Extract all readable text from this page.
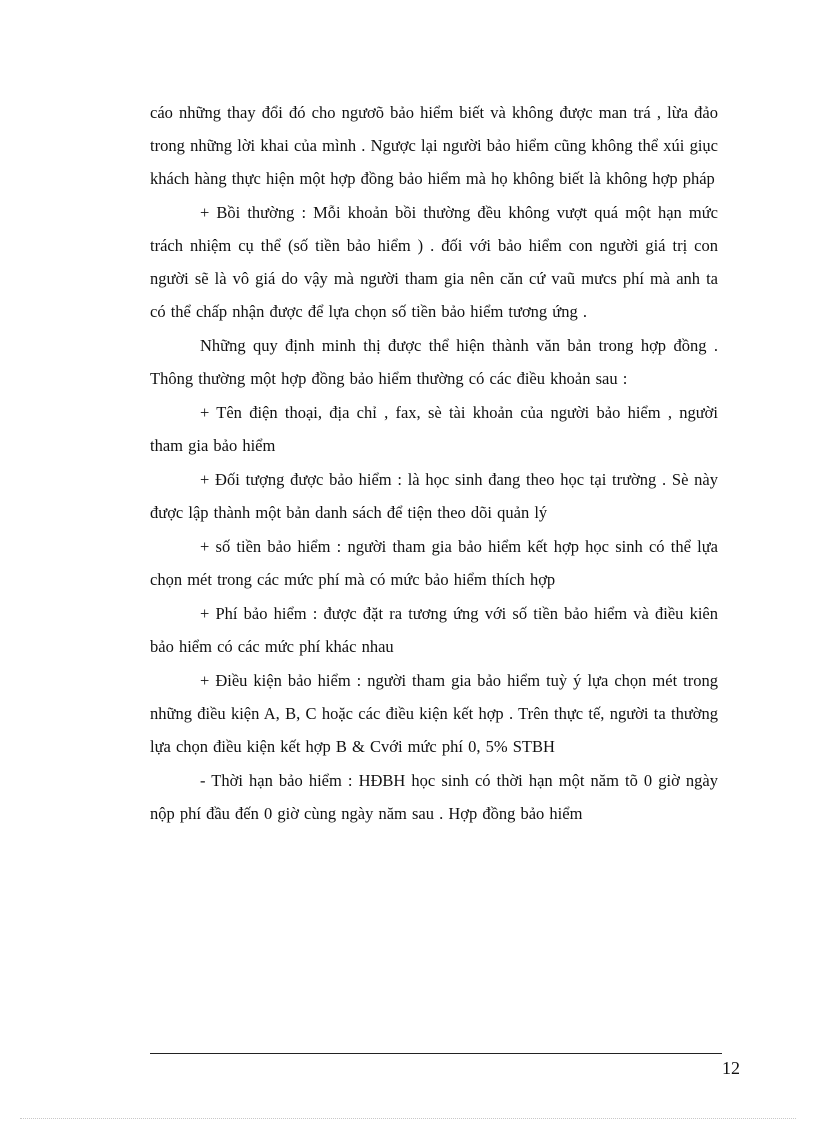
cáo những thay đổi đó cho ngươõ bảo hiểm biết và không được man trá , lừa đảo trong những lời khai của mình . Ngược lại người bảo hiểm cũng không thể xúi giục khách hàng thực hiện một hợp đồng bảo hiểm mà họ không biết là không hợp pháp

+ Bồi thường : Mỗi khoản bồi thường đều không vượt quá một hạn mức trách nhiệm cụ thể (số tiền bảo hiểm ) . đối với bảo hiểm con người giá trị con người sẽ là vô giá do vậy mà người tham gia nên căn cứ vaũ mưcs phí mà anh ta có thể chấp nhận được để lựa chọn số tiền bảo hiểm tương ứng .

Những quy định minh thị được thể hiện thành văn bản trong hợp đồng . Thông thường một hợp đồng bảo hiểm thường có các điều khoản sau :

+ Tên điện thoại, địa chỉ , fax, sè tài khoản của người bảo hiểm , người tham gia bảo hiểm

+ Đối tượng được bảo hiểm : là học sinh đang theo học tại trường . Sè này được lập thành một bản danh sách để tiện theo dõi quản lý

+ số tiền bảo hiểm : người tham gia bảo hiểm kết hợp học sinh có thể lựa chọn mét trong các mức phí mà có mức bảo hiểm thích hợp

+ Phí bảo hiểm : được đặt ra tương ứng với số tiền bảo hiểm và điều kiên bảo hiểm có các mức phí khác nhau

+ Điều kiện bảo hiểm : người tham gia bảo hiểm tuỳ ý lựa chọn mét trong những điều kiện A, B, C hoặc các điều kiện kết hợp . Trên thực tế, người ta thường lựa chọn điều kiện kết hợp B & Cvới mức phí 0, 5% STBH

- Thời hạn bảo hiểm : HĐBH học sinh có thời hạn một năm tõ 0 giờ ngày nộp phí đầu đến 0 giờ cùng ngày năm sau . Hợp đồng bảo hiểm

12
